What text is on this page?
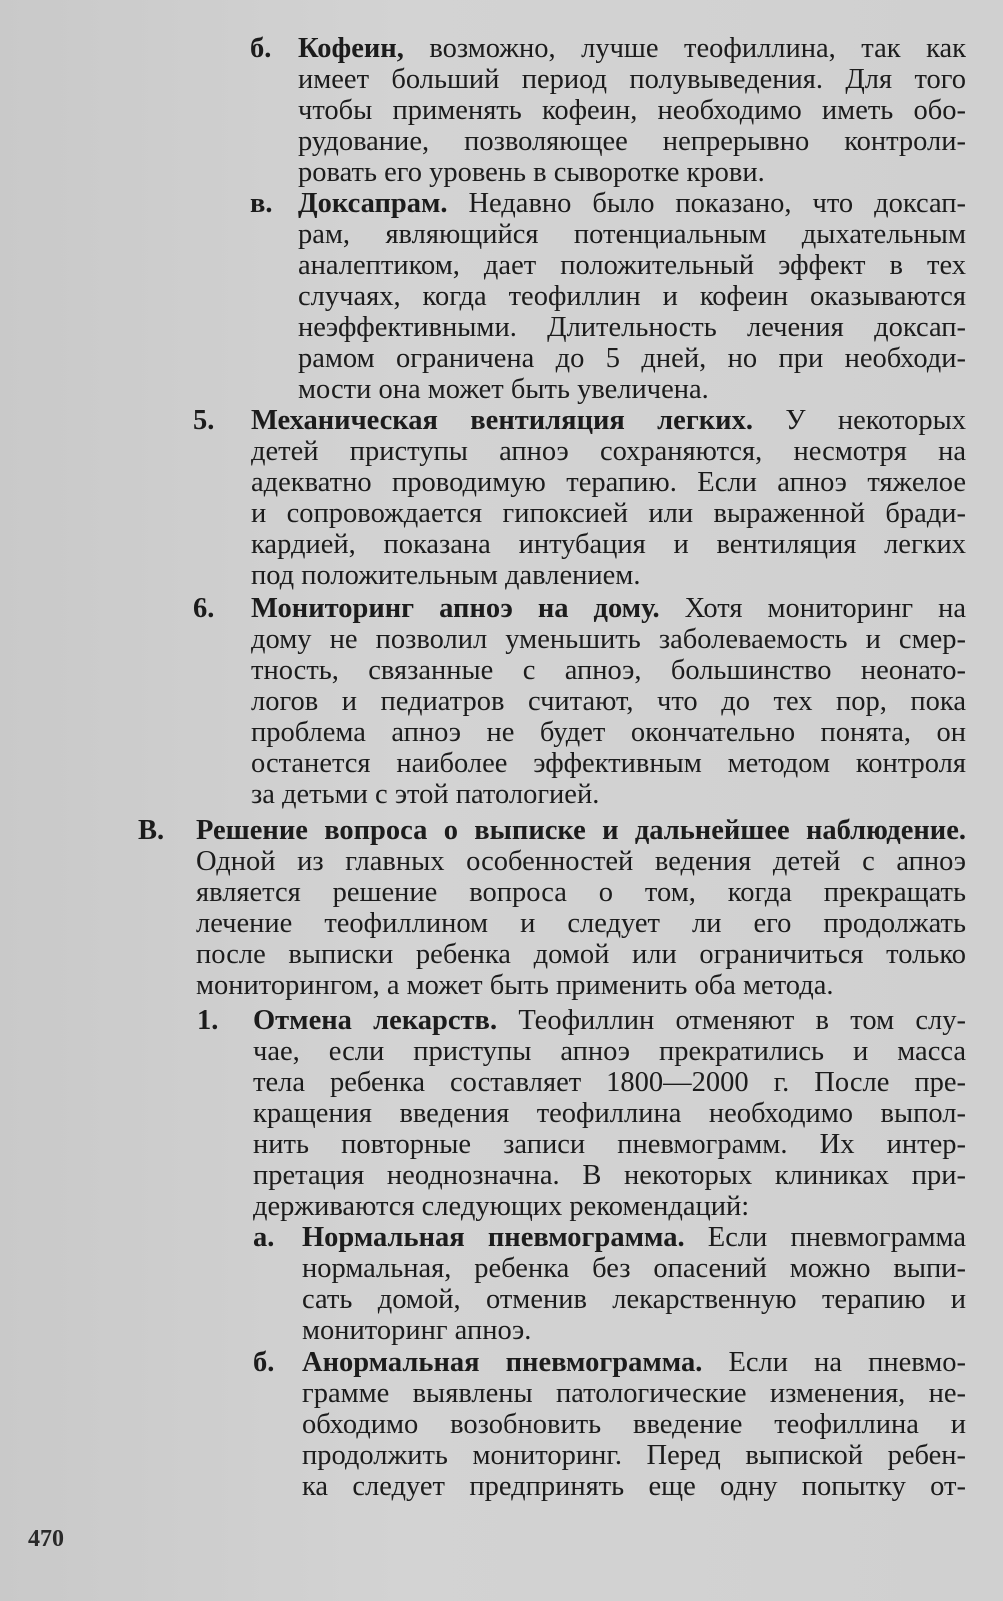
б. Кофеин, возможно, лучше теофиллина, так как
имеет больший период полувыведения. Для того
чтобы применять кофеин, необходимо иметь обо-
рудование, позволяющее непрерывно контроли-
ровать его уровень в сыворотке крови.
в. Доксапрам. Недавно было показано, что доксап-
рам, являющийся потенциальным дыхательным
аналептиком, дает положительный эффект в тех
случаях, когда теофиллин и кофеин оказываются
неэффективными. Длительность лечения доксап-
рамом ограничена до 5 дней, но при необходи-
мости она может быть увеличена.
5. Механическая вентиляция легких. У некоторых
детей приступы апноэ сохраняются, несмотря на
адекватно проводимую терапию. Если апноэ тяжелое
и сопровождается гипоксией или выраженной бради-
кардией, показана интубация и вентиляция легких
под положительным давлением.
6. Мониторинг апноэ на дому. Хотя мониторинг на
дому не позволил уменьшить заболеваемость и смер-
тность, связанные с апноэ, большинство неонато-
логов и педиатров считают, что до тех пор, пока
проблема апноэ не будет окончательно понята, он
останется наиболее эффективным методом контроля
за детьми с этой патологией.
В. Решение вопроса о выписке и дальнейшее наблюдение.
Одной из главных особенностей ведения детей с апноэ
является решение вопроса о том, когда прекращать
лечение теофиллином и следует ли его продолжать
после выписки ребенка домой или ограничиться только
мониторингом, а может быть применить оба метода.
1. Отмена лекарств. Теофиллин отменяют в том слу-
чае, если приступы апноэ прекратились и масса
тела ребенка составляет 1800—2000 г. После пре-
кращения введения теофиллина необходимо выпол-
нить повторные записи пневмограмм. Их интер-
претация неоднозначна. В некоторых клиниках при-
держиваются следующих рекомендаций:
а. Нормальная пневмограмма. Если пневмограмма
нормальная, ребенка без опасений можно выпи-
сать домой, отменив лекарственную терапию и
мониторинг апноэ.
б. Анормальная пневмограмма. Если на пневмо-
грамме выявлены патологические изменения, не-
обходимо возобновить введение теофиллина и
продолжить мониторинг. Перед выпиской ребен-
ка следует предпринять еще одну попытку от-
470
